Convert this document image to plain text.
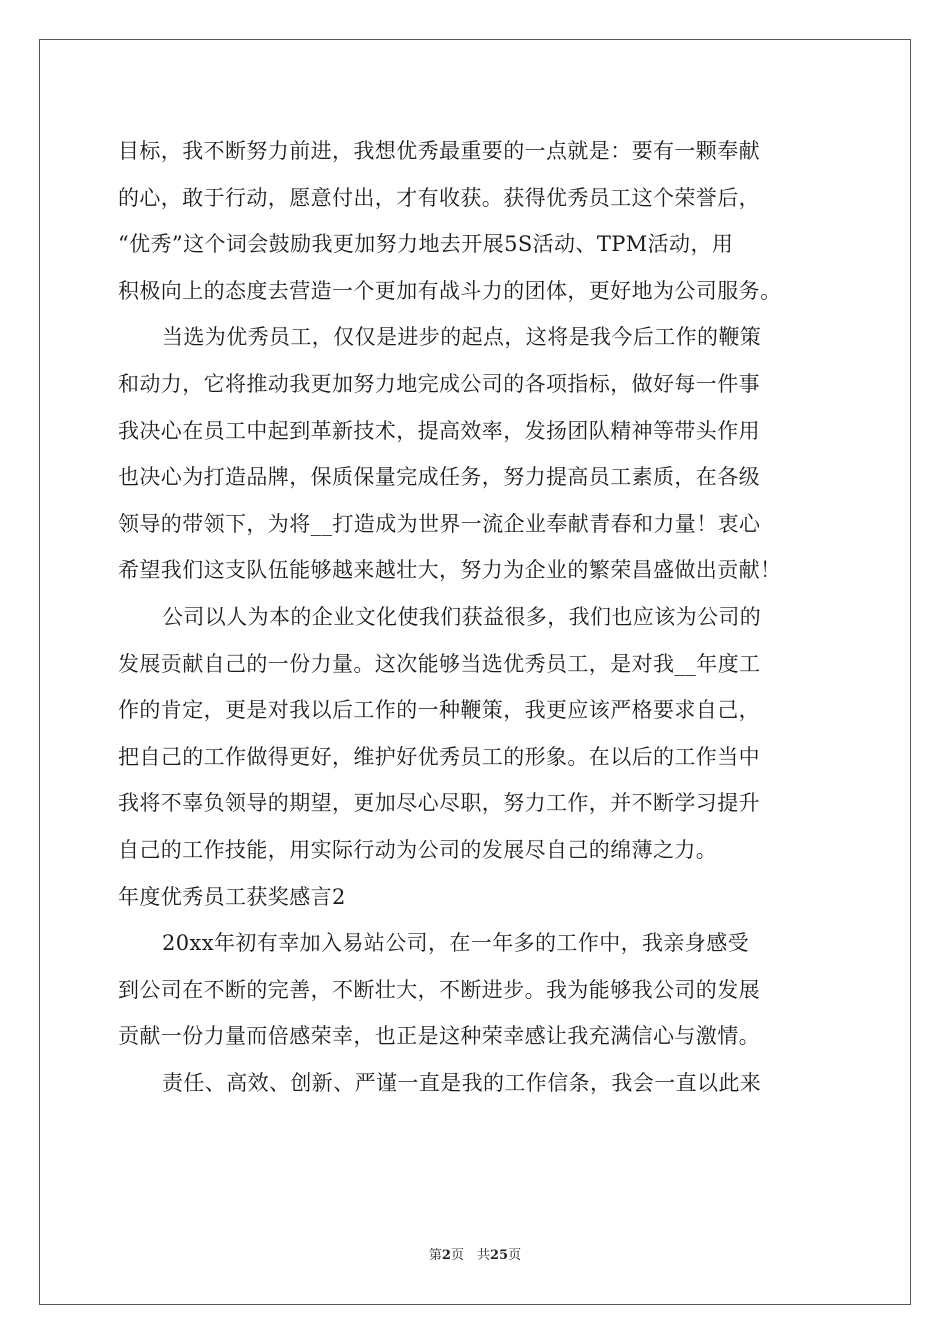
目标，我不断努力前进，我想优秀最重要的一点就是：要有一颗奉献
的心，敢于行动，愿意付出，才有收获。获得优秀员工这个荣誉后，
“优秀”这个词会鼓励我更加努力地去开展5S活动、TPM活动，用
积极向上的态度去营造一个更加有战斗力的团体，更好地为公司服务。
当选为优秀员工，仅仅是进步的起点，这将是我今后工作的鞭策
和动力，它将推动我更加努力地完成公司的各项指标，做好每一件事
我决心在员工中起到革新技术，提高效率，发扬团队精神等带头作用
也决心为打造品牌，保质保量完成任务，努力提高员工素质，在各级
领导的带领下，为将__打造成为世界一流企业奉献青春和力量！衷心
希望我们这支队伍能够越来越壮大，努力为企业的繁荣昌盛做出贡献！
公司以人为本的企业文化使我们获益很多，我们也应该为公司的
发展贡献自己的一份力量。这次能够当选优秀员工，是对我__年度工
作的肯定，更是对我以后工作的一种鞭策，我更应该严格要求自己，
把自己的工作做得更好，维护好优秀员工的形象。在以后的工作当中
我将不辜负领导的期望，更加尽心尽职，努力工作，并不断学习提升
自己的工作技能，用实际行动为公司的发展尽自己的绵薄之力。
年度优秀员工获奖感言2
20xx年初有幸加入易站公司，在一年多的工作中，我亲身感受
到公司在不断的完善，不断壮大，不断进步。我为能够我公司的发展
贡献一份力量而倍感荣幸，也正是这种荣幸感让我充满信心与激情。
责任、高效、创新、严谨一直是我的工作信条，我会一直以此来
第2页　共25页
